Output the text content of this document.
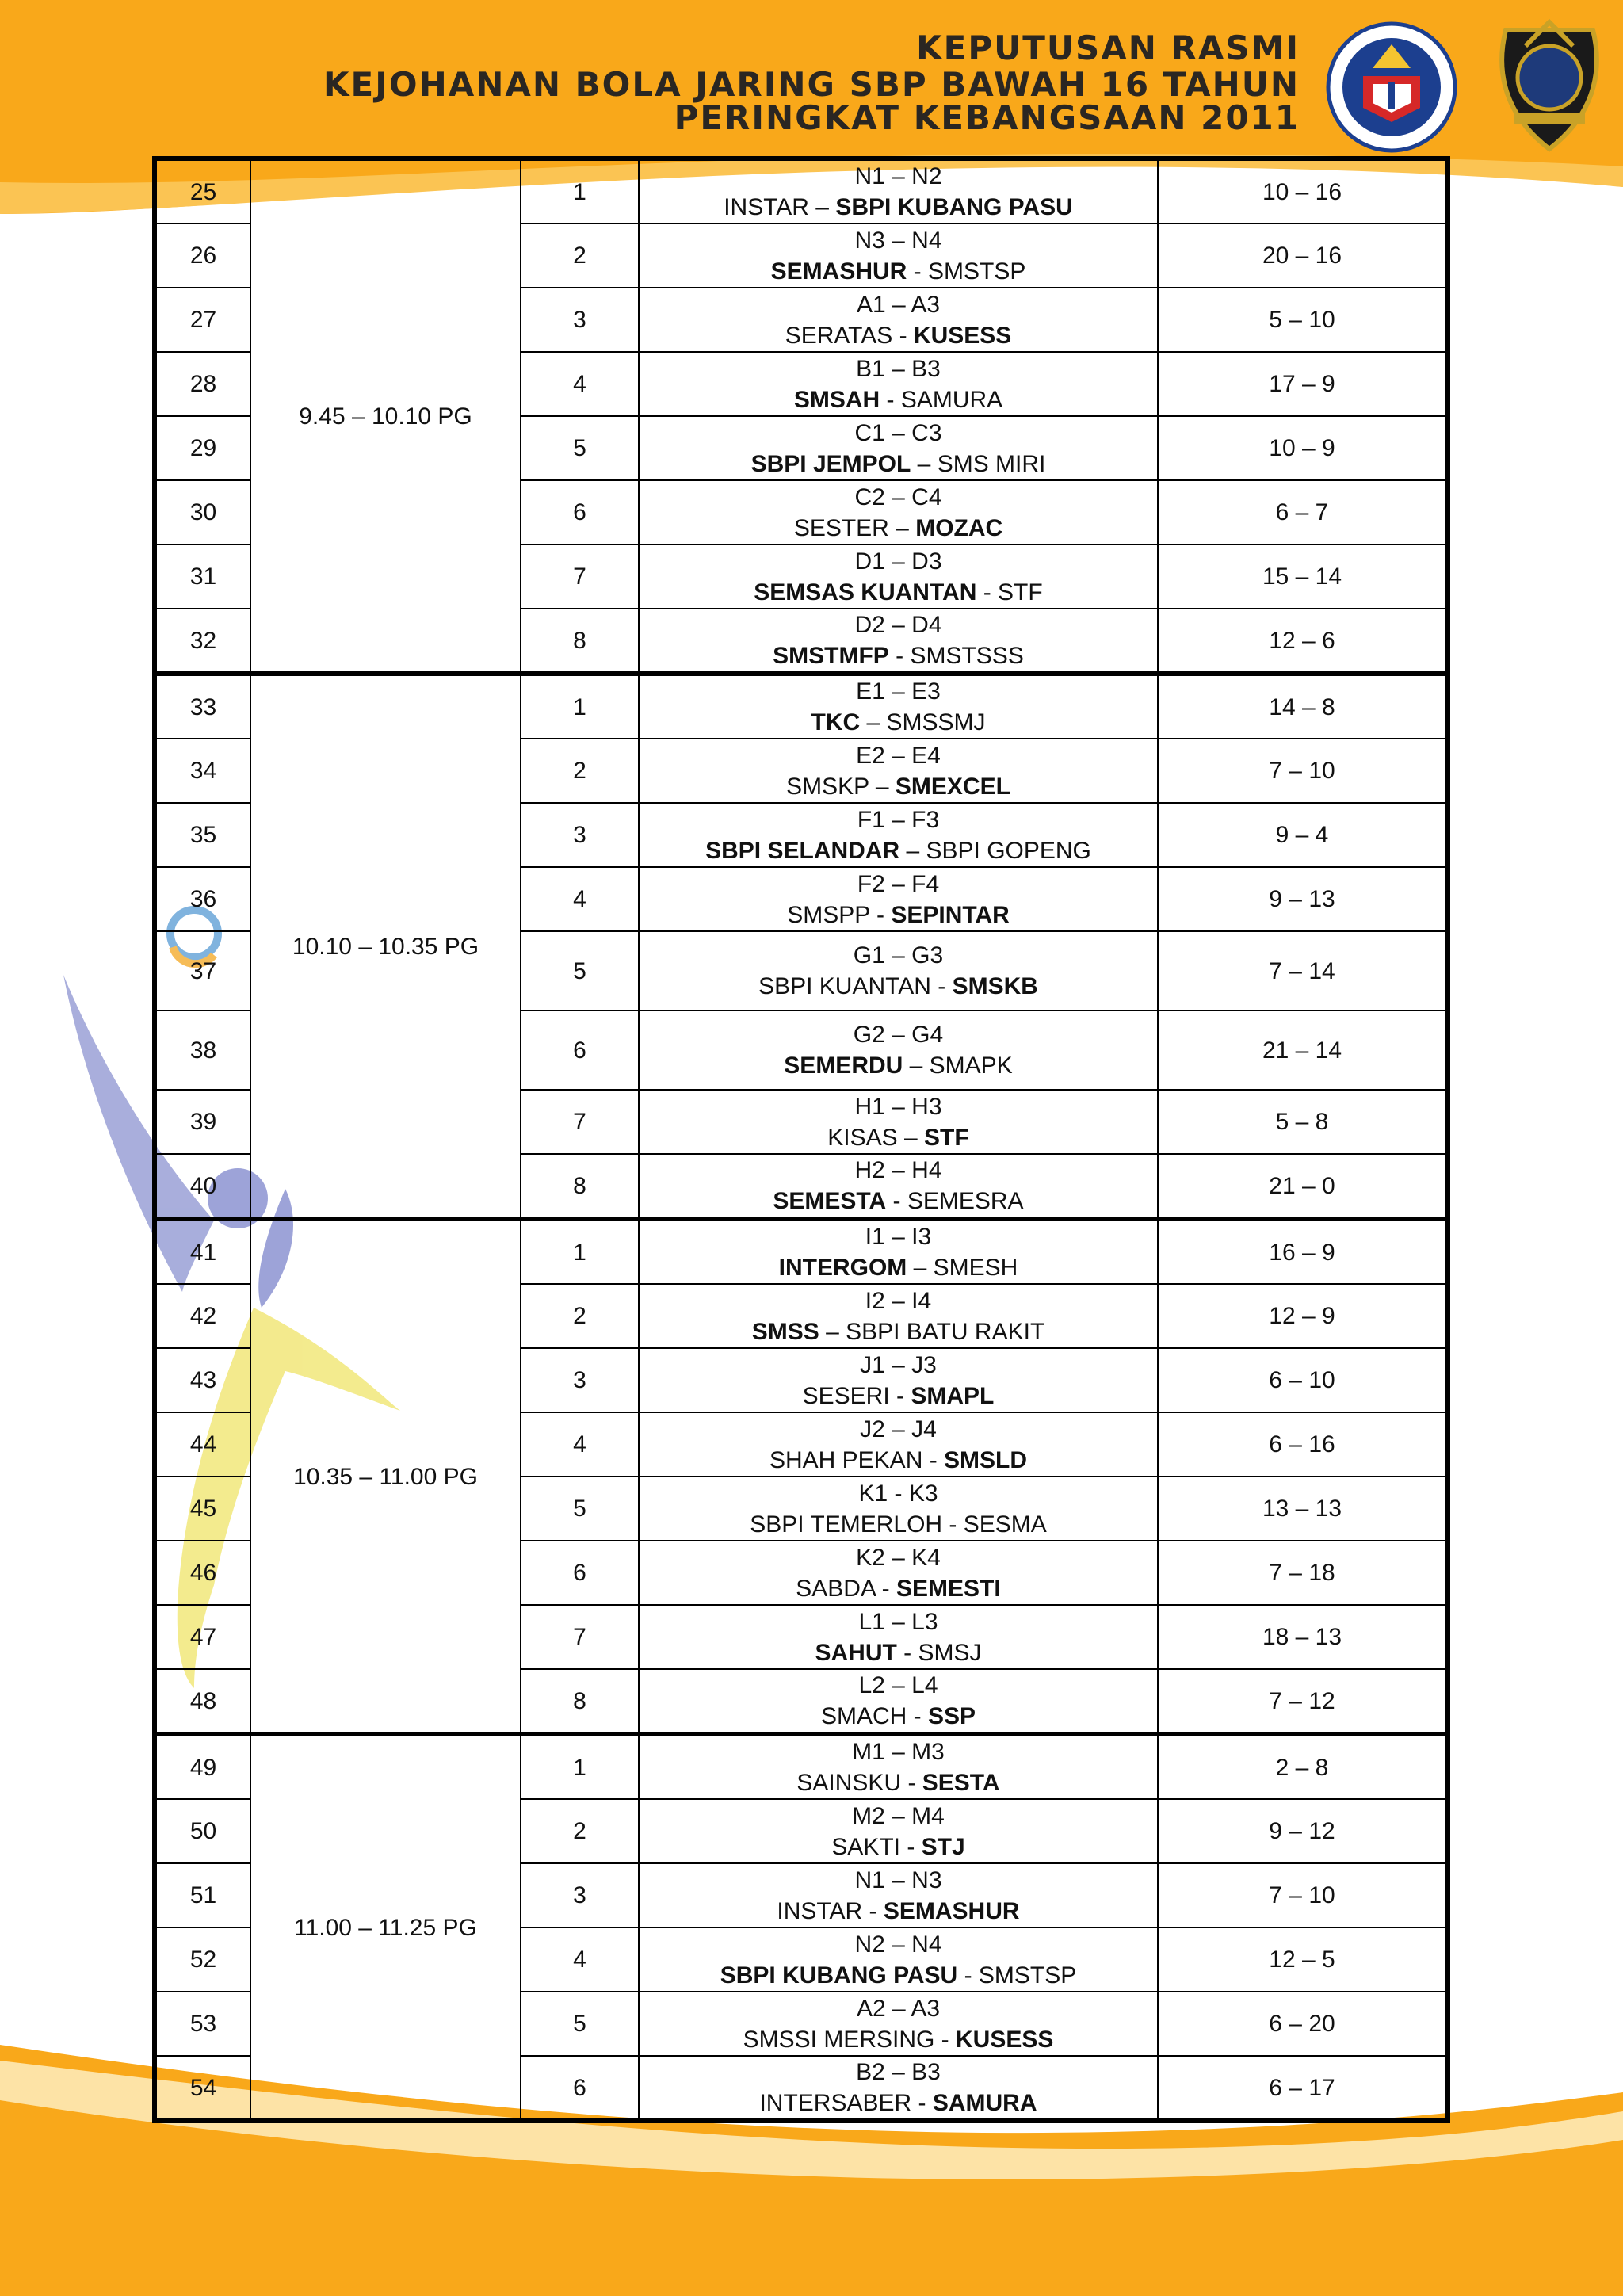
KEPUTUSAN RASMI
KEJOHANAN BOLA JARING SBP BAWAH 16 TAHUN
PERINGKAT KEBANGSAAN 2011
25	9.45 – 10.10 PG	1	N1 – N2
INSTAR – SBPI KUBANG PASU	10 – 16
26		2	N3 – N4
SEMASHUR - SMSTSP	20 – 16
27		3	A1 – A3
SERATAS - KUSESS	5 – 10
28		4	B1 – B3
SMSAH - SAMURA	17 – 9
29		5	C1 – C3
SBPI JEMPOL – SMS MIRI	10 – 9
30		6	C2 – C4
SESTER – MOZAC	6 – 7
31		7	D1 – D3
SEMSAS KUANTAN - STF	15 – 14
32		8	D2 – D4
SMSTMFP - SMSTSSS	12 – 6
33	10.10 – 10.35 PG	1	E1 – E3
TKC – SMSSMJ	14 – 8
34		2	E2 – E4
SMSKP – SMEXCEL	7 – 10
35		3	F1 – F3
SBPI SELANDAR – SBPI GOPENG	9 – 4
36		4	F2 – F4
SMSPP - SEPINTAR	9 – 13
37		5	G1 – G3
SBPI KUANTAN - SMSKB	7 – 14
38		6	G2 – G4
SEMERDU – SMAPK	21 – 14
39		7	H1 – H3
KISAS – STF	5 – 8
40		8	H2 – H4
SEMESTA - SEMESRA	21 – 0
41	10.35 – 11.00 PG	1	I1 – I3
INTERGOM – SMESH	16 – 9
42		2	I2 – I4
SMSS – SBPI BATU RAKIT	12 – 9
43		3	J1 – J3
SESERI - SMAPL	6 – 10
44		4	J2 – J4
SHAH PEKAN - SMSLD	6 – 16
45		5	K1 - K3
SBPI TEMERLOH - SESMA	13 – 13
46		6	K2 – K4
SABDA - SEMESTI	7 – 18
47		7	L1 – L3
SAHUT - SMSJ	18 – 13
48		8	L2 – L4
SMACH - SSP	7 – 12
49	11.00 – 11.25 PG	1	M1 – M3
SAINSKU - SESTA	2 – 8
50		2	M2 – M4
SAKTI - STJ	9 – 12
51		3	N1 – N3
INSTAR - SEMASHUR	7 – 10
52		4	N2 – N4
SBPI KUBANG PASU - SMSTSP	12 – 5
53		5	A2 – A3
SMSSI MERSING - KUSESS	6 – 20
54		6	B2 – B3
INTERSABER - SAMURA	6 – 17
